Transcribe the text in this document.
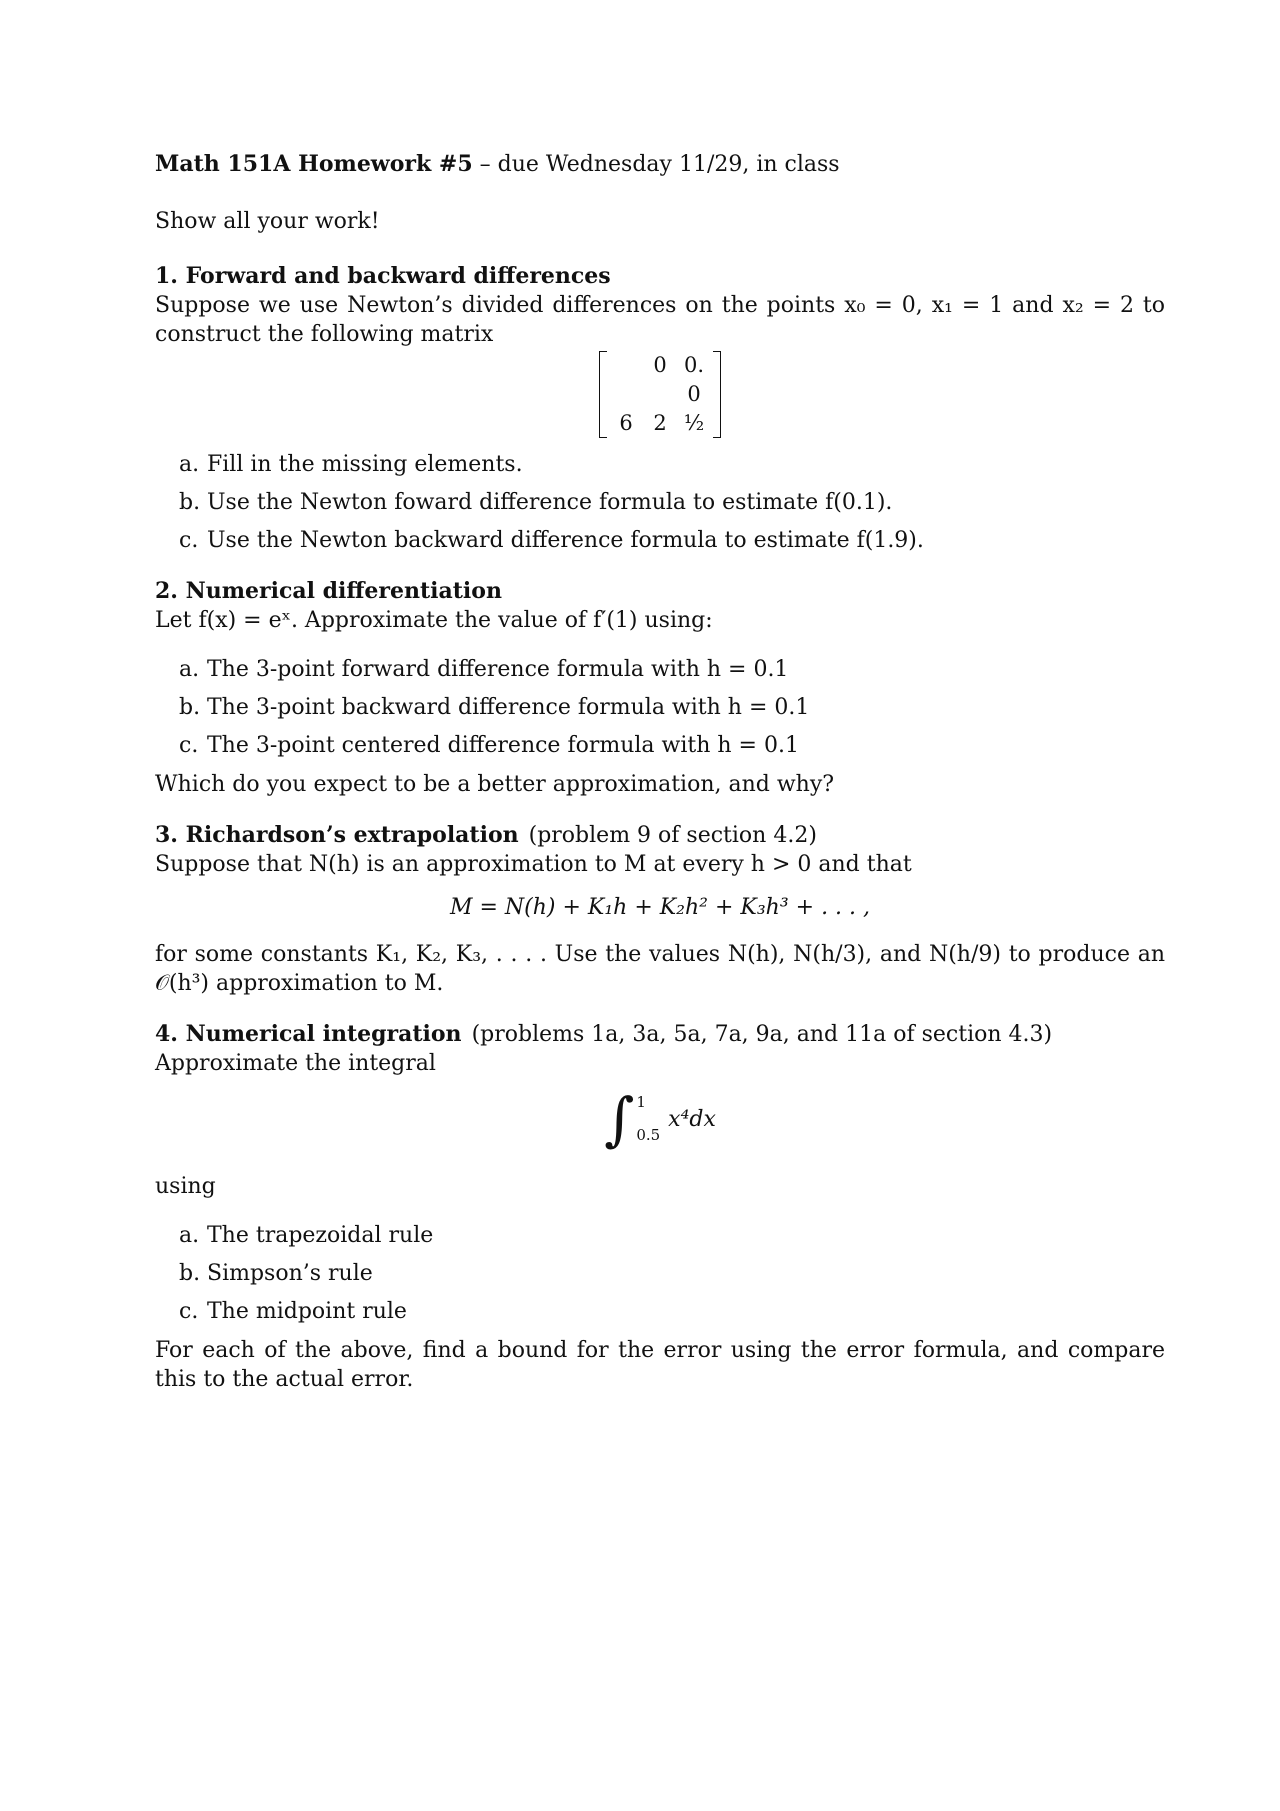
Math 151A Homework #5 – due Wednesday 11/29, in class
Show all your work!
1. Forward and backward differences

Suppose we use Newton’s divided differences on the points x₀ = 0, x₁ = 1 and x₂ = 2 to construct the following matrix

	0	0.
		0
6	2	½
a. Fill in the missing elements.
b. Use the Newton foward difference formula to estimate f(0.1).
c. Use the Newton backward difference formula to estimate f(1.9).
2. Numerical differentiation

Let f(x) = eˣ. Approximate the value of f′(1) using:

a. The 3-point forward difference formula with h = 0.1
b. The 3-point backward difference formula with h = 0.1
c. The 3-point centered difference formula with h = 0.1

Which do you expect to be a better approximation, and why?

3. Richardson’s extrapolation (problem 9 of section 4.2)

Suppose that N(h) is an approximation to M at every h > 0 and that

M = N(h) + K₁h + K₂h² + K₃h³ + . . . ,

for some constants K₁, K₂, K₃, . . . . Use the values N(h), N(h/3), and N(h/9) to produce an 𝒪(h³) approximation to M.

4. Numerical integration (problems 1a, 3a, 5a, 7a, 9a, and 11a of section 4.3)

Approximate the integral

∫ 1
0.5
x⁴dx

using

a. The trapezoidal rule
b. Simpson’s rule
c. The midpoint rule

For each of the above, find a bound for the error using the error formula, and compare this to the actual error.
